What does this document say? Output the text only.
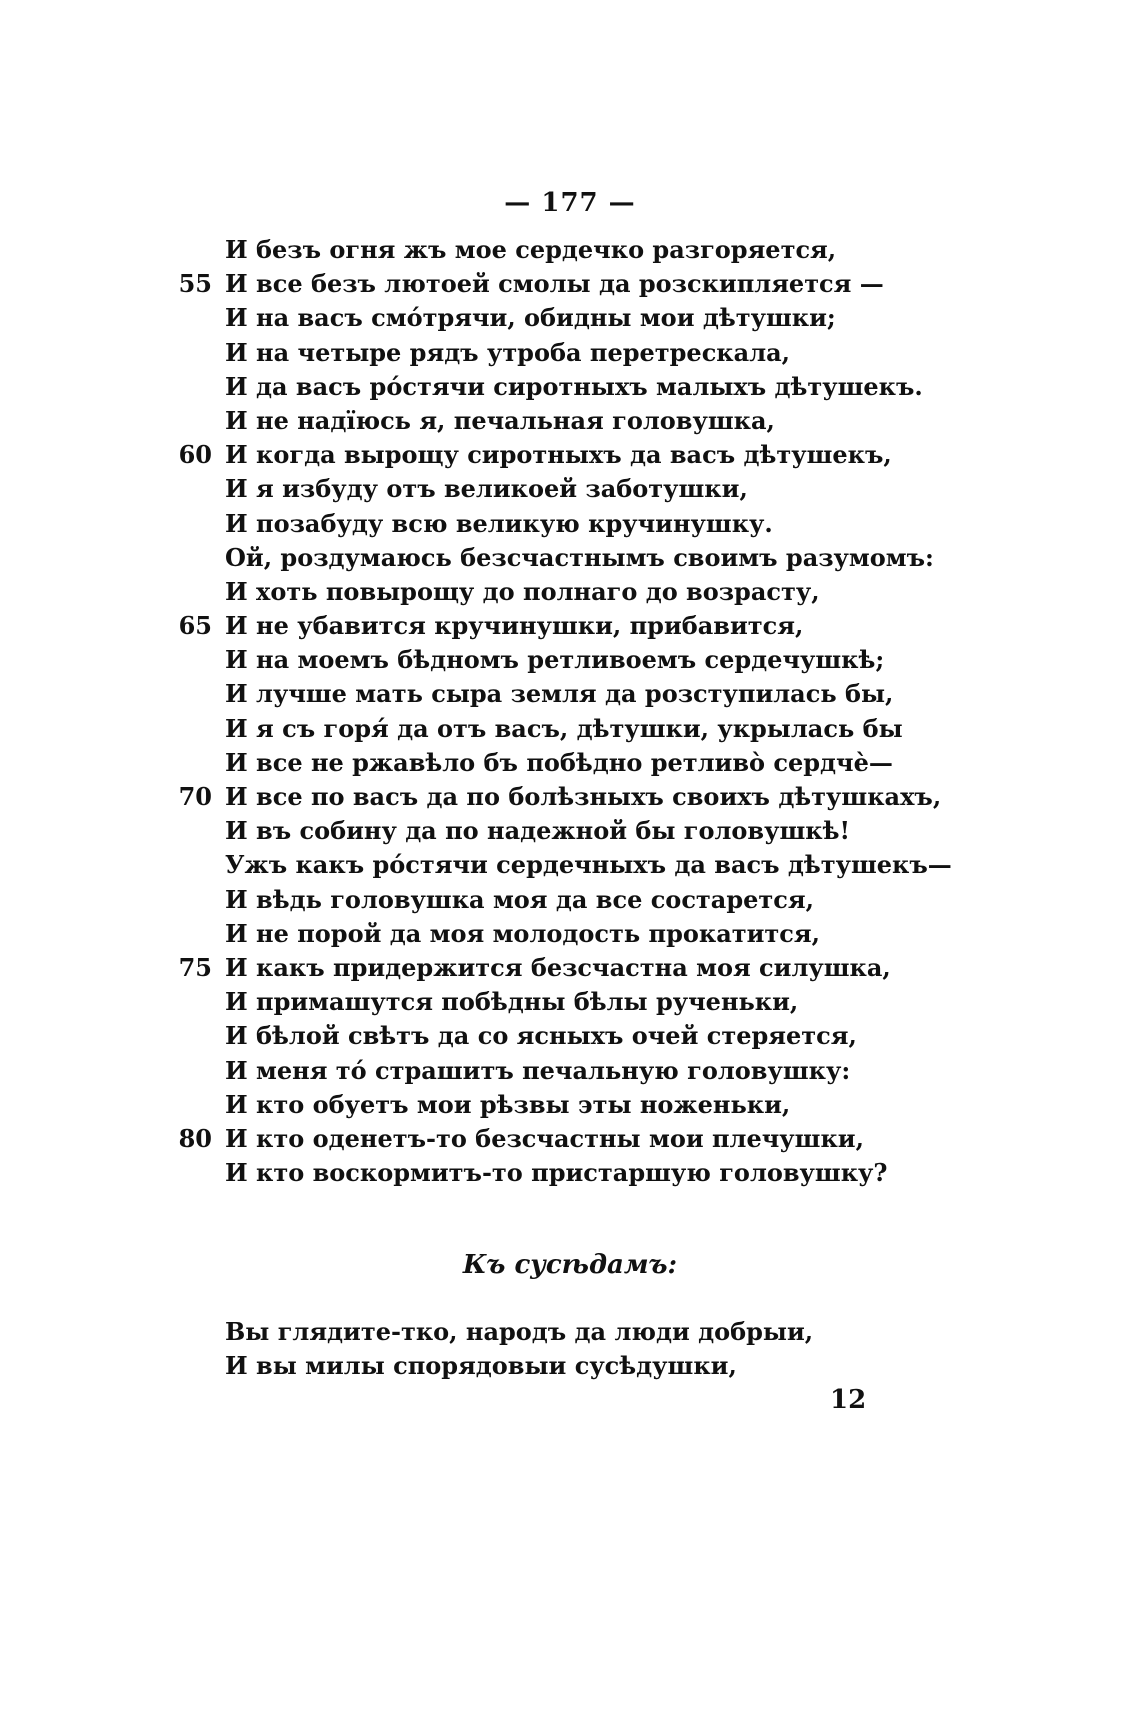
— 177 —
И безъ огня жъ мое сердечко разгоряется,
55 И все безъ лютоей смолы да розскипляется —
И на васъ смо́трячи, обидны мои дѣтушки;
И на четыре рядъ утроба перетрескала,
И да васъ ро́стячи сиротныхъ малыхъ дѣтушекъ.
И не надїюсь я, печальная головушка,
60 И когда вырощу сиротныхъ да васъ дѣтушекъ,
И я избуду отъ великоей заботушки,
И позабуду всю великую кручинушку.
Ой, роздумаюсь безсчастнымъ своимъ разумомъ:
И хоть повырощу до полнаго до возрасту,
65 И не убавится кручинушки, прибавится,
И на моемъ бѣдномъ ретливоемъ сердечушкѣ;
И лучше мать сыра земля да розступилась бы,
И я съ горя́ да отъ васъ, дѣтушки, укрылась бы
И все не ржавѣло бъ побѣдно ретливо̀ сердчѐ—
70 И все по васъ да по болѣзныхъ своихъ дѣтушкахъ,
И въ собину да по надежной бы головушкѣ!
Ужъ какъ ро́стячи сердечныхъ да васъ дѣтушекъ—
И вѣдь головушка моя да все состарется,
И не порой да моя молодость прокатится,
75 И какъ придержится безсчастна моя силушка,
И примашутся побѣдны бѣлы рученьки,
И бѣлой свѣтъ да со ясныхъ очей стеряется,
И меня то́ страшитъ печальную головушку:
И кто обуетъ мои рѣзвы эты ноженьки,
80 И кто оденетъ-то безсчастны мои плечушки,
И кто воскормитъ-то пристаршую головушку?
Къ сусѣдамъ:
Вы глядите-тко, народъ да люди добрыи,
И вы милы спорядовыи сусѣдушки,
12
